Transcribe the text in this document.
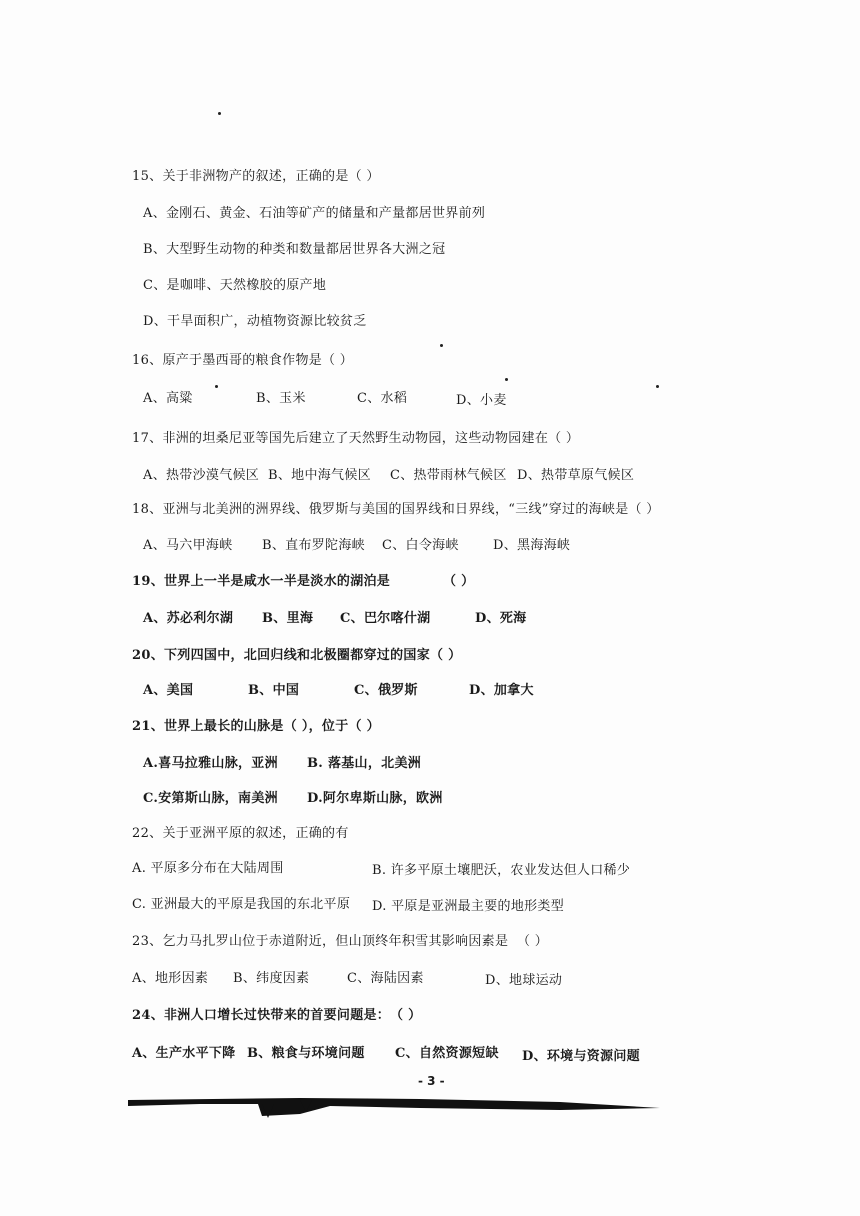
15、关于非洲物产的叙述，正确的是（ ）
A、金刚石、黄金、石油等矿产的储量和产量都居世界前列
B、大型野生动物的种类和数量都居世界各大洲之冠
C、是咖啡、天然橡胶的原产地
D、干旱面积广，动植物资源比较贫乏
16、原产于墨西哥的粮食作物是（ ）
A、高粱	B、玉米	C、水稻	D、小麦
17、非洲的坦桑尼亚等国先后建立了天然野生动物园，这些动物园建在（ ）
A、热带沙漠气候区 B、地中海气候区 C、热带雨林气候区 D、热带草原气候区
18、亚洲与北美洲的洲界线、俄罗斯与美国的国界线和日界线，“三线”穿过的海峡是（ ）
A、马六甲海峡 B、直布罗陀海峡 C、白令海峡	D、黑海海峡
19、世界上一半是咸水一半是淡水的湖泊是	（ ）
A、苏必利尔湖 B、里海 C、巴尔喀什湖	D、死海
20、下列四国中，北回归线和北极圈都穿过的国家 （ ）
A、美国	B、中国	C、俄罗斯	D、加拿大
21、世界上最长的山脉是（ ），位于（ ）
A.喜马拉雅山脉，亚洲 B. 落基山，北美洲
C.安第斯山脉，南美洲 D.阿尔卑斯山脉，欧洲
22、关于亚洲平原的叙述，正确的有
A. 平原多分布在大陆周围	B. 许多平原土壤肥沃，农业发达但人口稀少
C. 亚洲最大的平原是我国的东北平原 D. 平原是亚洲最主要的地形类型
23、乞力马扎罗山位于赤道附近，但山顶终年积雪其影响因素是 （ ）
A、地形因素 B、纬度因素	C、海陆因素	D、地球运动
24、非洲人口增长过快带来的首要问题是： （ ）
A、生产水平下降 B、粮食与环境问题 C、自然资源短缺 D、环境与资源问题
- 3 -
